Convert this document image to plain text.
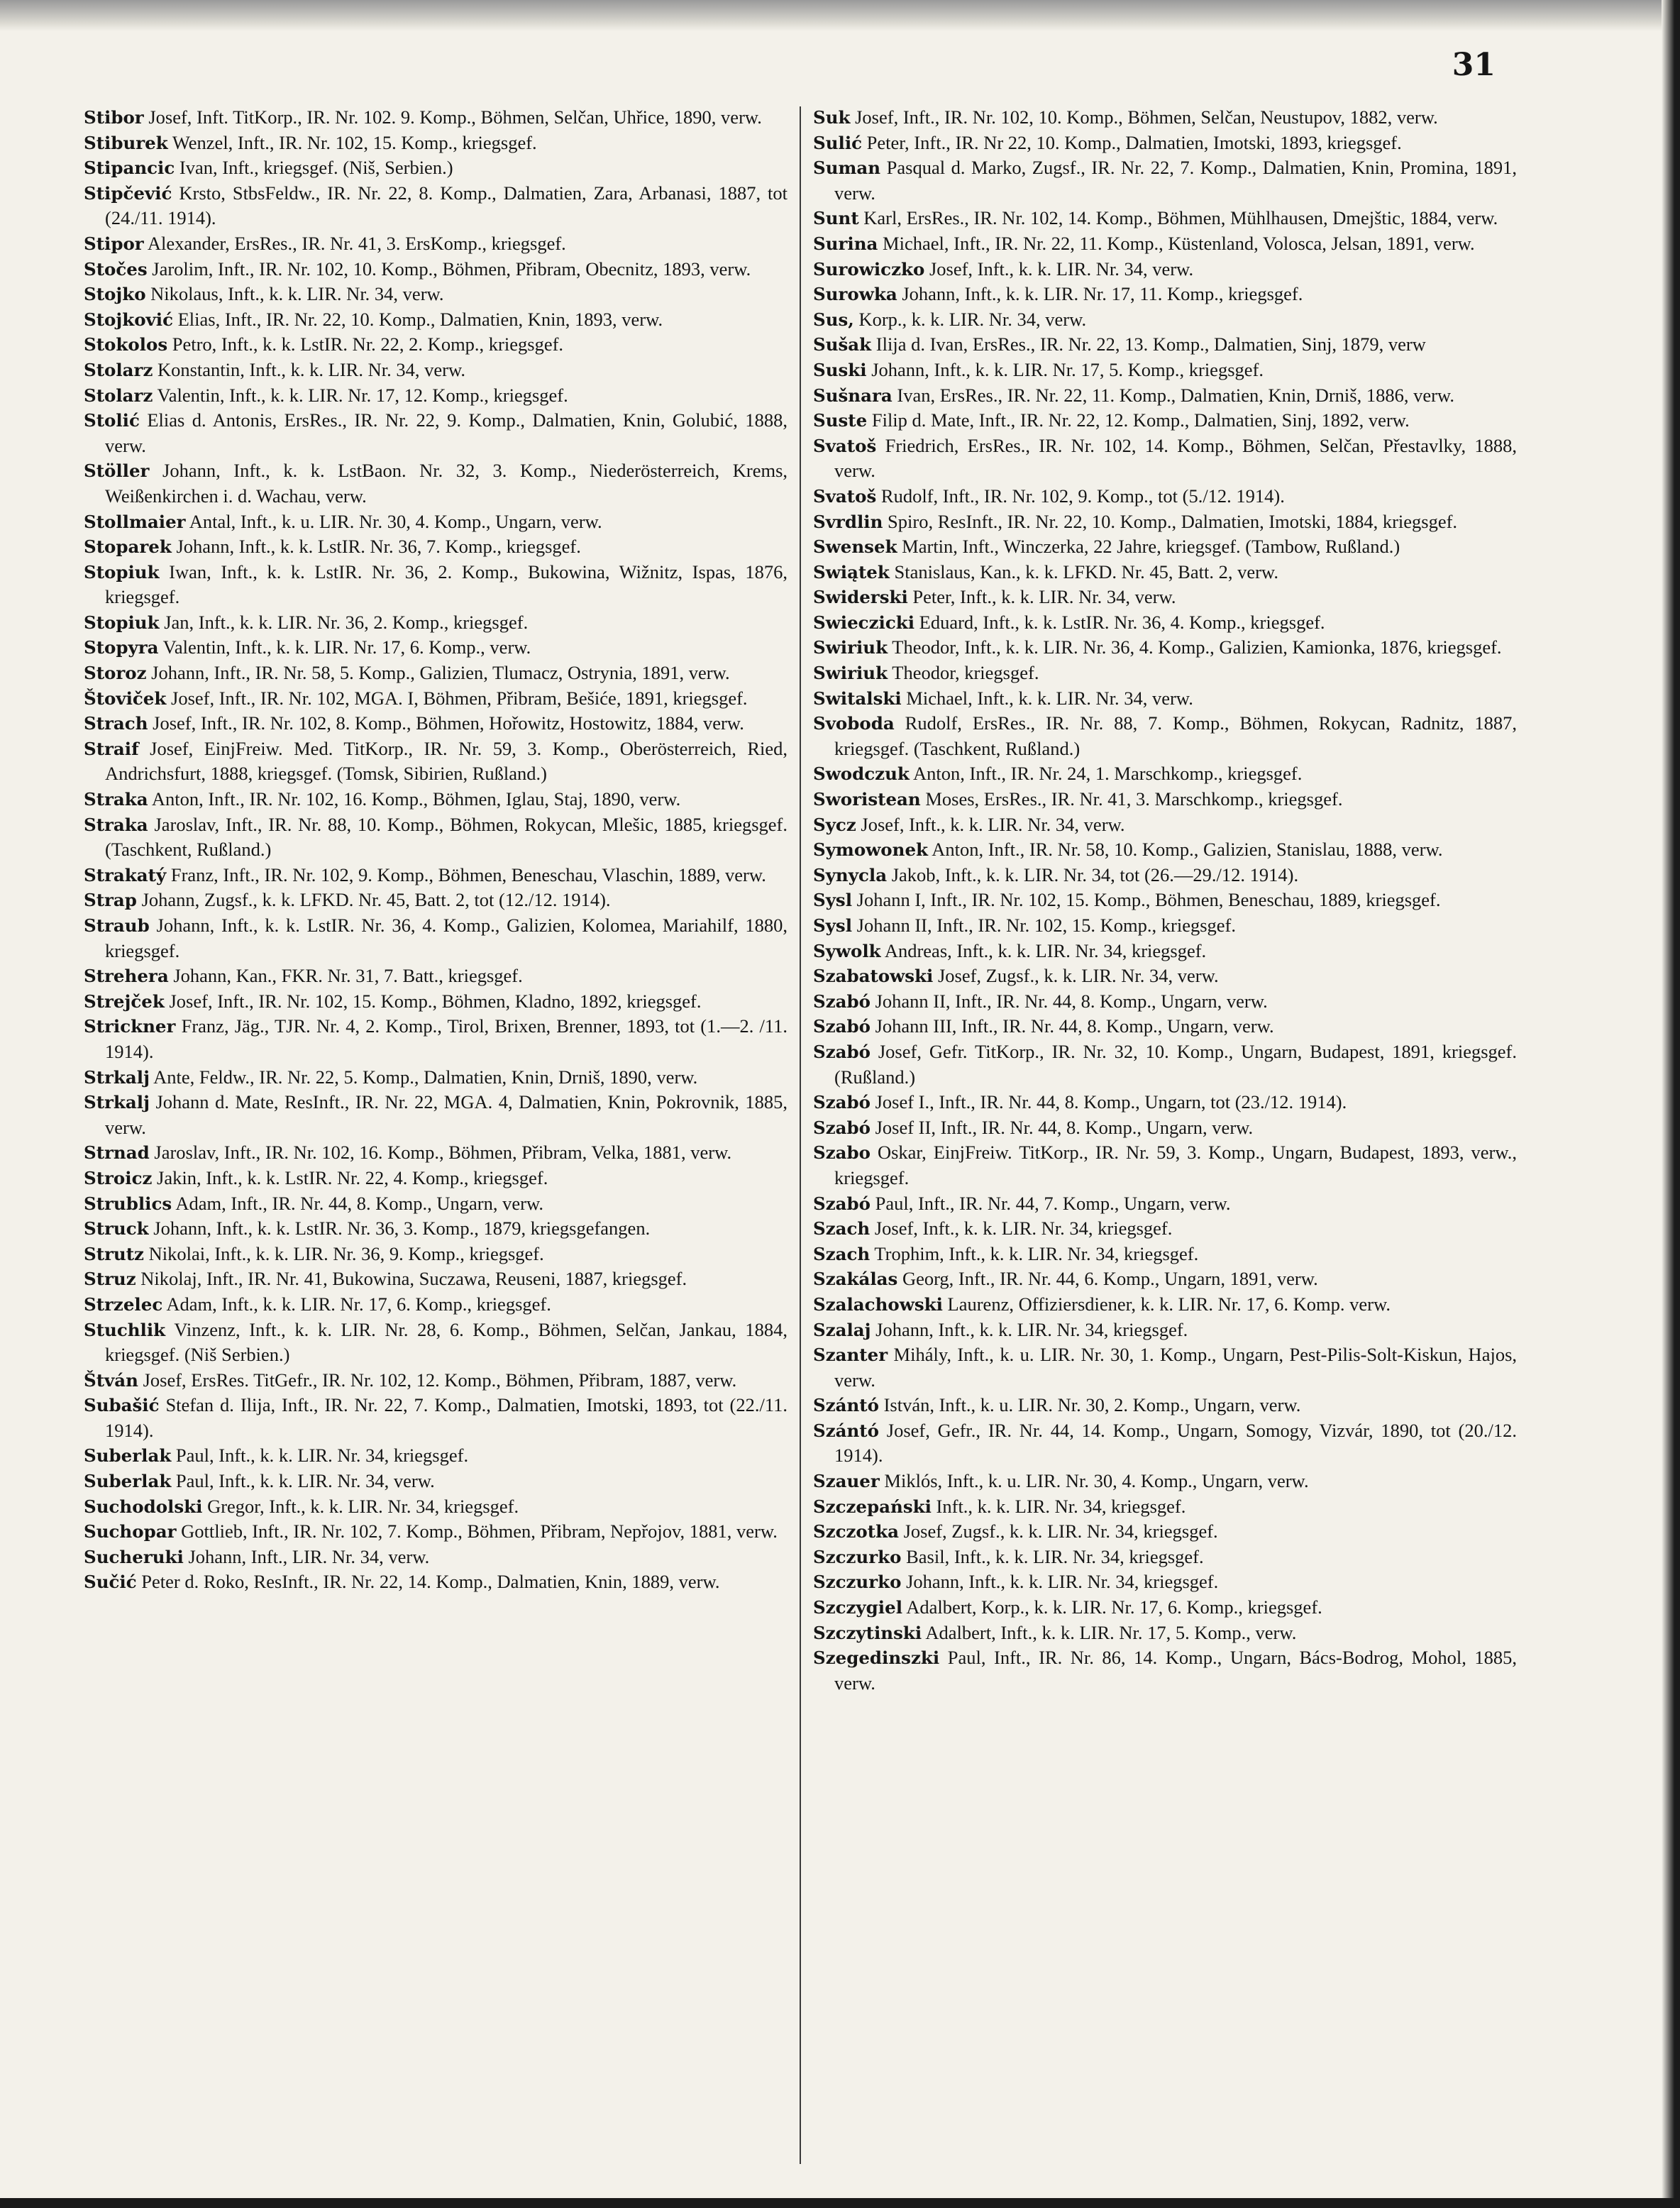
31

Stibor Josef, Inft. TitKorp., IR. Nr. 102. 9. Komp., Böhmen, Selčan, Uhřice, 1890, verw.

Stiburek Wenzel, Inft., IR. Nr. 102, 15. Komp., kriegsgef.

Stipancic Ivan, Inft., kriegsgef. (Niš, Serbien.)

Stipčević Krsto, StbsFeldw., IR. Nr. 22, 8. Komp., Dalmatien, Zara, Arbanasi, 1887, tot (24./11. 1914).

Stipor Alexander, ErsRes., IR. Nr. 41, 3. ErsKomp., kriegsgef.

Stočes Jarolim, Inft., IR. Nr. 102, 10. Komp., Böhmen, Přibram, Obecnitz, 1893, verw.

Stojko Nikolaus, Inft., k. k. LIR. Nr. 34, verw.

Stojković Elias, Inft., IR. Nr. 22, 10. Komp., Dalmatien, Knin, 1893, verw.

Stokolos Petro, Inft., k. k. LstIR. Nr. 22, 2. Komp., kriegsgef.

Stolarz Konstantin, Inft., k. k. LIR. Nr. 34, verw.

Stolarz Valentin, Inft., k. k. LIR. Nr. 17, 12. Komp., kriegsgef.

Stolić Elias d. Antonis, ErsRes., IR. Nr. 22, 9. Komp., Dalmatien, Knin, Golubić, 1888, verw.

Stöller Johann, Inft., k. k. LstBaon. Nr. 32, 3. Komp., Niederösterreich, Krems, Weißenkirchen i. d. Wachau, verw.

Stollmaier Antal, Inft., k. u. LIR. Nr. 30, 4. Komp., Ungarn, verw.

Stoparek Johann, Inft., k. k. LstIR. Nr. 36, 7. Komp., kriegsgef.

Stopiuk Iwan, Inft., k. k. LstIR. Nr. 36, 2. Komp., Bukowina, Wižnitz, Ispas, 1876, kriegsgef.

Stopiuk Jan, Inft., k. k. LIR. Nr. 36, 2. Komp., kriegsgef.

Stopyra Valentin, Inft., k. k. LIR. Nr. 17, 6. Komp., verw.

Storoz Johann, Inft., IR. Nr. 58, 5. Komp., Galizien, Tlumacz, Ostrynia, 1891, verw.

Štoviček Josef, Inft., IR. Nr. 102, MGA. I, Böhmen, Přibram, Bešiće, 1891, kriegsgef.

Strach Josef, Inft., IR. Nr. 102, 8. Komp., Böhmen, Hořowitz, Hostowitz, 1884, verw.

Straif Josef, EinjFreiw. Med. TitKorp., IR. Nr. 59, 3. Komp., Oberösterreich, Ried, Andrichsfurt, 1888, kriegsgef. (Tomsk, Sibirien, Rußland.)

Straka Anton, Inft., IR. Nr. 102, 16. Komp., Böhmen, Iglau, Staj, 1890, verw.

Straka Jaroslav, Inft., IR. Nr. 88, 10. Komp., Böhmen, Rokycan, Mlešic, 1885, kriegsgef. (Taschkent, Rußland.)

Strakatý Franz, Inft., IR. Nr. 102, 9. Komp., Böhmen, Beneschau, Vlaschin, 1889, verw.

Strap Johann, Zugsf., k. k. LFKD. Nr. 45, Batt. 2, tot (12./12. 1914).

Straub Johann, Inft., k. k. LstIR. Nr. 36, 4. Komp., Galizien, Kolomea, Mariahilf, 1880, kriegsgef.

Strehera Johann, Kan., FKR. Nr. 31, 7. Batt., kriegsgef.

Strejček Josef, Inft., IR. Nr. 102, 15. Komp., Böhmen, Kladno, 1892, kriegsgef.

Strickner Franz, Jäg., TJR. Nr. 4, 2. Komp., Tirol, Brixen, Brenner, 1893, tot (1.—2. /11. 1914).

Strkalj Ante, Feldw., IR. Nr. 22, 5. Komp., Dalmatien, Knin, Drniš, 1890, verw.

Strkalj Johann d. Mate, ResInft., IR. Nr. 22, MGA. 4, Dalmatien, Knin, Pokrovnik, 1885, verw.

Strnad Jaroslav, Inft., IR. Nr. 102, 16. Komp., Böhmen, Přibram, Velka, 1881, verw.

Stroicz Jakin, Inft., k. k. LstIR. Nr. 22, 4. Komp., kriegsgef.

Strublics Adam, Inft., IR. Nr. 44, 8. Komp., Ungarn, verw.

Struck Johann, Inft., k. k. LstIR. Nr. 36, 3. Komp., 1879, kriegsgefangen.

Strutz Nikolai, Inft., k. k. LIR. Nr. 36, 9. Komp., kriegsgef.

Struz Nikolaj, Inft., IR. Nr. 41, Bukowina, Suczawa, Reuseni, 1887, kriegsgef.

Strzelec Adam, Inft., k. k. LIR. Nr. 17, 6. Komp., kriegsgef.

Stuchlik Vinzenz, Inft., k. k. LIR. Nr. 28, 6. Komp., Böhmen, Selčan, Jankau, 1884, kriegsgef. (Niš Serbien.)

Štván Josef, ErsRes. TitGefr., IR. Nr. 102, 12. Komp., Böhmen, Přibram, 1887, verw.

Subašić Stefan d. Ilija, Inft., IR. Nr. 22, 7. Komp., Dalmatien, Imotski, 1893, tot (22./11. 1914).

Suberlak Paul, Inft., k. k. LIR. Nr. 34, kriegsgef.

Suberlak Paul, Inft., k. k. LIR. Nr. 34, verw.

Suchodolski Gregor, Inft., k. k. LIR. Nr. 34, kriegsgef.

Suchopar Gottlieb, Inft., IR. Nr. 102, 7. Komp., Böhmen, Přibram, Nepřojov, 1881, verw.

Sucheruki Johann, Inft., LIR. Nr. 34, verw.

Sučić Peter d. Roko, ResInft., IR. Nr. 22, 14. Komp., Dalmatien, Knin, 1889, verw.

Suk Josef, Inft., IR. Nr. 102, 10. Komp., Böhmen, Selčan, Neustupov, 1882, verw.

Sulić Peter, Inft., IR. Nr 22, 10. Komp., Dalmatien, Imotski, 1893, kriegsgef.

Suman Pasqual d. Marko, Zugsf., IR. Nr. 22, 7. Komp., Dalmatien, Knin, Promina, 1891, verw.

Sunt Karl, ErsRes., IR. Nr. 102, 14. Komp., Böhmen, Mühlhausen, Dmejštic, 1884, verw.

Surina Michael, Inft., IR. Nr. 22, 11. Komp., Küstenland, Volosca, Jelsan, 1891, verw.

Surowiczko Josef, Inft., k. k. LIR. Nr. 34, verw.

Surowka Johann, Inft., k. k. LIR. Nr. 17, 11. Komp., kriegsgef.

Sus, Korp., k. k. LIR. Nr. 34, verw.

Sušak Ilija d. Ivan, ErsRes., IR. Nr. 22, 13. Komp., Dalmatien, Sinj, 1879, verw

Suski Johann, Inft., k. k. LIR. Nr. 17, 5. Komp., kriegsgef.

Sušnara Ivan, ErsRes., IR. Nr. 22, 11. Komp., Dalmatien, Knin, Drniš, 1886, verw.

Suste Filip d. Mate, Inft., IR. Nr. 22, 12. Komp., Dalmatien, Sinj, 1892, verw.

Svatoš Friedrich, ErsRes., IR. Nr. 102, 14. Komp., Böhmen, Selčan, Přestavlky, 1888, verw.

Svatoš Rudolf, Inft., IR. Nr. 102, 9. Komp., tot (5./12. 1914).

Svrdlin Spiro, ResInft., IR. Nr. 22, 10. Komp., Dalmatien, Imotski, 1884, kriegsgef.

Swensek Martin, Inft., Winczerka, 22 Jahre, kriegsgef. (Tambow, Rußland.)

Swiątek Stanislaus, Kan., k. k. LFKD. Nr. 45, Batt. 2, verw.

Swiderski Peter, Inft., k. k. LIR. Nr. 34, verw.

Swieczicki Eduard, Inft., k. k. LstIR. Nr. 36, 4. Komp., kriegsgef.

Swiriuk Theodor, Inft., k. k. LIR. Nr. 36, 4. Komp., Galizien, Kamionka, 1876, kriegsgef.

Swiriuk Theodor, kriegsgef.

Switalski Michael, Inft., k. k. LIR. Nr. 34, verw.

Svoboda Rudolf, ErsRes., IR. Nr. 88, 7. Komp., Böhmen, Rokycan, Radnitz, 1887, kriegsgef. (Taschkent, Rußland.)

Swodczuk Anton, Inft., IR. Nr. 24, 1. Marschkomp., kriegsgef.

Sworistean Moses, ErsRes., IR. Nr. 41, 3. Marschkomp., kriegsgef.

Sycz Josef, Inft., k. k. LIR. Nr. 34, verw.

Symowonek Anton, Inft., IR. Nr. 58, 10. Komp., Galizien, Stanislau, 1888, verw.

Synycla Jakob, Inft., k. k. LIR. Nr. 34, tot (26.—29./12. 1914).

Sysl Johann I, Inft., IR. Nr. 102, 15. Komp., Böhmen, Beneschau, 1889, kriegsgef.

Sysl Johann II, Inft., IR. Nr. 102, 15. Komp., kriegsgef.

Sywolk Andreas, Inft., k. k. LIR. Nr. 34, kriegsgef.

Szabatowski Josef, Zugsf., k. k. LIR. Nr. 34, verw.

Szabó Johann II, Inft., IR. Nr. 44, 8. Komp., Ungarn, verw.

Szabó Johann III, Inft., IR. Nr. 44, 8. Komp., Ungarn, verw.

Szabó Josef, Gefr. TitKorp., IR. Nr. 32, 10. Komp., Ungarn, Budapest, 1891, kriegsgef. (Rußland.)

Szabó Josef I., Inft., IR. Nr. 44, 8. Komp., Ungarn, tot (23./12. 1914).

Szabó Josef II, Inft., IR. Nr. 44, 8. Komp., Ungarn, verw.

Szabo Oskar, EinjFreiw. TitKorp., IR. Nr. 59, 3. Komp., Ungarn, Budapest, 1893, verw., kriegsgef.

Szabó Paul, Inft., IR. Nr. 44, 7. Komp., Ungarn, verw.

Szach Josef, Inft., k. k. LIR. Nr. 34, kriegsgef.

Szach Trophim, Inft., k. k. LIR. Nr. 34, kriegsgef.

Szakálas Georg, Inft., IR. Nr. 44, 6. Komp., Ungarn, 1891, verw.

Szalachowski Laurenz, Offiziersdiener, k. k. LIR. Nr. 17, 6. Komp. verw.

Szalaj Johann, Inft., k. k. LIR. Nr. 34, kriegsgef.

Szanter Mihály, Inft., k. u. LIR. Nr. 30, 1. Komp., Ungarn, Pest-Pilis-Solt-Kiskun, Hajos, verw.

Szántó István, Inft., k. u. LIR. Nr. 30, 2. Komp., Ungarn, verw.

Szántó Josef, Gefr., IR. Nr. 44, 14. Komp., Ungarn, Somogy, Vizvár, 1890, tot (20./12. 1914).

Szauer Miklós, Inft., k. u. LIR. Nr. 30, 4. Komp., Ungarn, verw.

Szczepański Inft., k. k. LIR. Nr. 34, kriegsgef.

Szczotka Josef, Zugsf., k. k. LIR. Nr. 34, kriegsgef.

Szczurko Basil, Inft., k. k. LIR. Nr. 34, kriegsgef.

Szczurko Johann, Inft., k. k. LIR. Nr. 34, kriegsgef.

Szczygiel Adalbert, Korp., k. k. LIR. Nr. 17, 6. Komp., kriegsgef.

Szczytinski Adalbert, Inft., k. k. LIR. Nr. 17, 5. Komp., verw.

Szegedinszki Paul, Inft., IR. Nr. 86, 14. Komp., Ungarn, Bács-Bodrog, Mohol, 1885, verw.
